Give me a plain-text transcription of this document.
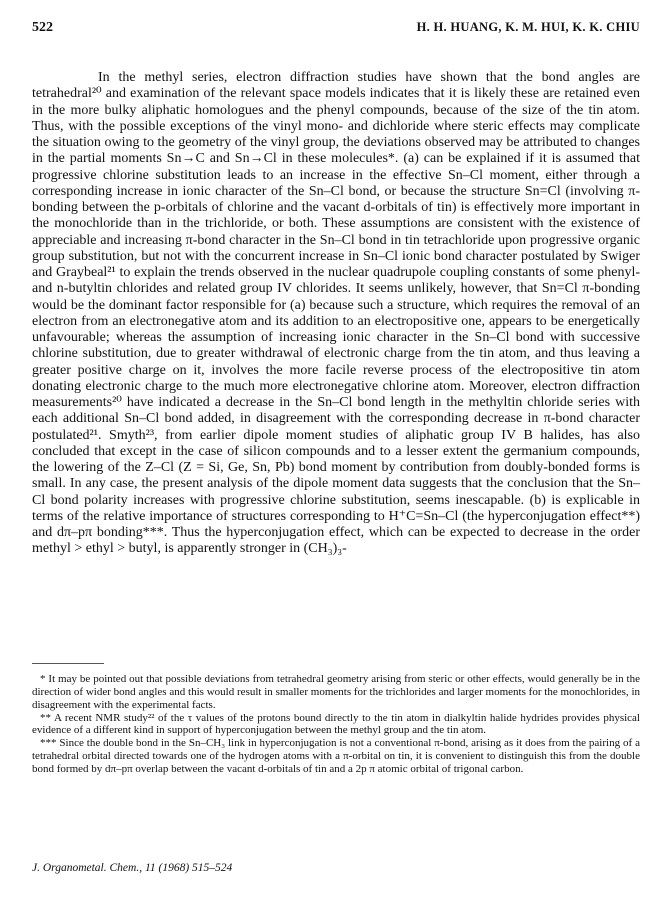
522	H. H. HUANG, K. M. HUI, K. K. CHIU

In the methyl series, electron diffraction studies have shown that the bond angles are tetrahedral²⁰ and examination of the relevant space models indicates that it is likely these are retained even in the more bulky aliphatic homologues and the phenyl compounds, because of the size of the tin atom. Thus, with the possible exceptions of the vinyl mono- and dichloride where steric effects may complicate the situation owing to the geometry of the vinyl group, the deviations observed may be attributed to changes in the partial moments Sn→C and Sn→Cl in these molecules*. (a) can be explained if it is assumed that progressive chlorine substitution leads to an increase in the effective Sn–Cl moment, either through a corresponding increase in ionic character of the Sn–Cl bond, or because the structure Sn=Cl (involving π-bonding between the p-orbitals of chlorine and the vacant d-orbitals of tin) is effectively more important in the monochloride than in the trichloride, or both. These assumptions are consistent with the existence of appreciable and increasing π-bond character in the Sn–Cl bond in tin tetrachloride upon progressive organic group substitution, but not with the concurrent increase in Sn–Cl ionic bond character postulated by Swiger and Graybeal²¹ to explain the trends observed in the nuclear quadrupole coupling constants of some phenyl- and n-butyltin chlorides and related group IV chlorides. It seems unlikely, however, that Sn=Cl π-bonding would be the dominant factor responsible for (a) because such a structure, which requires the removal of an electron from an electronegative atom and its addition to an electropositive one, appears to be energetically unfavourable; whereas the assumption of increasing ionic character in the Sn–Cl bond with successive chlorine substitution, due to greater withdrawal of electronic charge from the tin atom, and thus leaving a greater positive charge on it, involves the more facile reverse process of the electropositive tin atom donating electronic charge to the much more electronegative chlorine atom. Moreover, electron diffraction measurements²⁰ have indicated a decrease in the Sn–Cl bond length in the methyltin chloride series with each additional Sn–Cl bond added, in disagreement with the corresponding decrease in π-bond character postulated²¹. Smyth²³, from earlier dipole moment studies of aliphatic group IV B halides, has also concluded that except in the case of silicon compounds and to a lesser extent the germanium compounds, the lowering of the Z–Cl (Z = Si, Ge, Sn, Pb) bond moment by contribution from doubly-bonded forms is small. In any case, the present analysis of the dipole moment data suggests that the conclusion that the Sn–Cl bond polarity increases with progressive chlorine substitution, seems inescapable. (b) is explicable in terms of the relative importance of structures corresponding to H⁺C=Sn–Cl (the hyperconjugation effect**) and dπ–pπ bonding***. Thus the hyperconjugation effect, which can be expected to decrease in the order methyl > ethyl > butyl, is apparently stronger in (CH₃)₃-

* It may be pointed out that possible deviations from tetrahedral geometry arising from steric or other effects, would generally be in the direction of wider bond angles and this would result in smaller moments for the trichlorides and larger moments for the monochlorides, in disagreement with the experimental facts.

** A recent NMR study²² of the τ values of the protons bound directly to the tin atom in dialkyltin halide hydrides provides physical evidence of a different kind in support of hyperconjugation between the methyl group and the tin atom.

*** Since the double bond in the Sn–CH₃ link in hyperconjugation is not a conventional π-bond, arising as it does from the pairing of a tetrahedral orbital directed towards one of the hydrogen atoms with a π-orbital on tin, it is convenient to distinguish this from the double bond formed by dπ–pπ overlap between the vacant d-orbitals of tin and a 2p π atomic orbital of trigonal carbon.

J. Organometal. Chem., 11 (1968) 515–524
